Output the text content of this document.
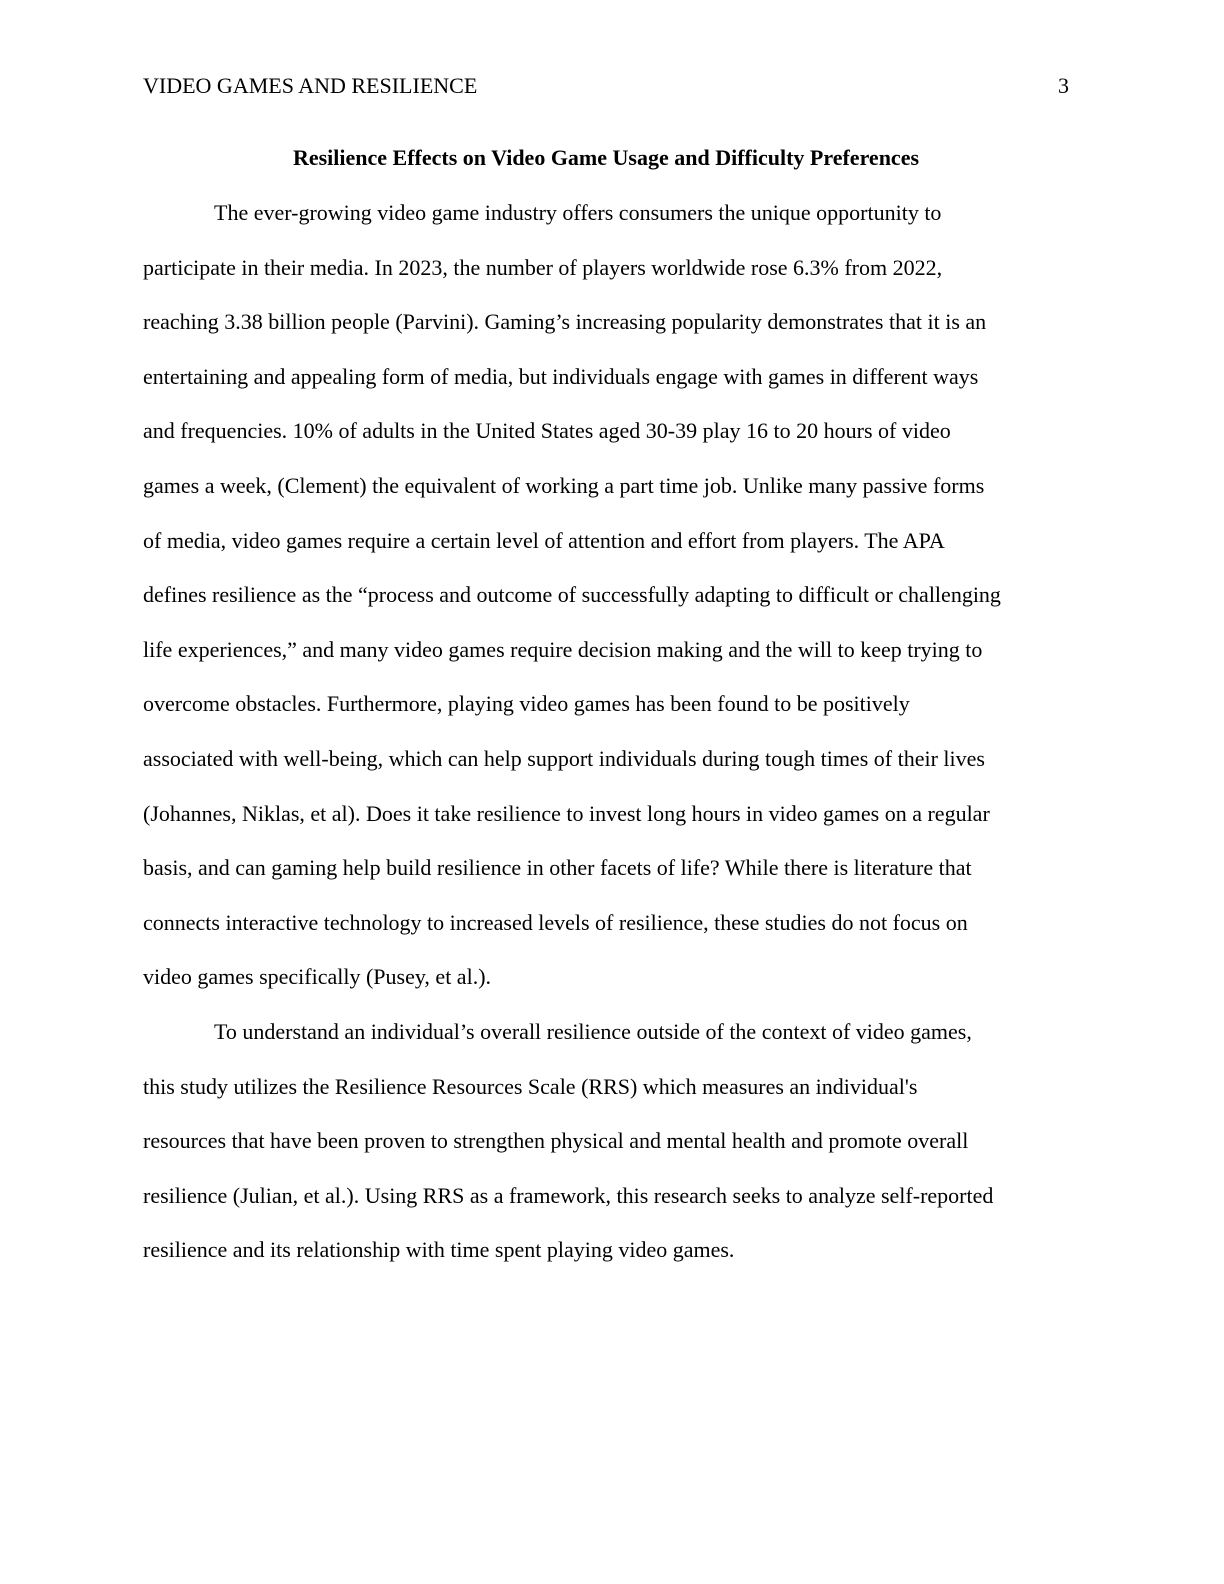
VIDEO GAMES AND RESILIENCE	3
Resilience Effects on Video Game Usage and Difficulty Preferences
The ever-growing video game industry offers consumers the unique opportunity to
participate in their media. In 2023, the number of players worldwide rose 6.3% from 2022,
reaching 3.38 billion people (Parvini). Gaming’s increasing popularity demonstrates that it is an
entertaining and appealing form of media, but individuals engage with games in different ways
and frequencies. 10% of adults in the United States aged 30-39 play 16 to 20 hours of video
games a week, (Clement) the equivalent of working a part time job. Unlike many passive forms
of media, video games require a certain level of attention and effort from players. The APA
defines resilience as the “process and outcome of successfully adapting to difficult or challenging
life experiences,” and many video games require decision making and the will to keep trying to
overcome obstacles. Furthermore, playing video games has been found to be positively
associated with well-being, which can help support individuals during tough times of their lives
(Johannes, Niklas, et al). Does it take resilience to invest long hours in video games on a regular
basis, and can gaming help build resilience in other facets of life? While there is literature that
connects interactive technology to increased levels of resilience, these studies do not focus on
video games specifically (Pusey, et al.).
To understand an individual’s overall resilience outside of the context of video games,
this study utilizes the Resilience Resources Scale (RRS) which measures an individual's
resources that have been proven to strengthen physical and mental health and promote overall
resilience (Julian, et al.). Using RRS as a framework, this research seeks to analyze self-reported
resilience and its relationship with time spent playing video games.
